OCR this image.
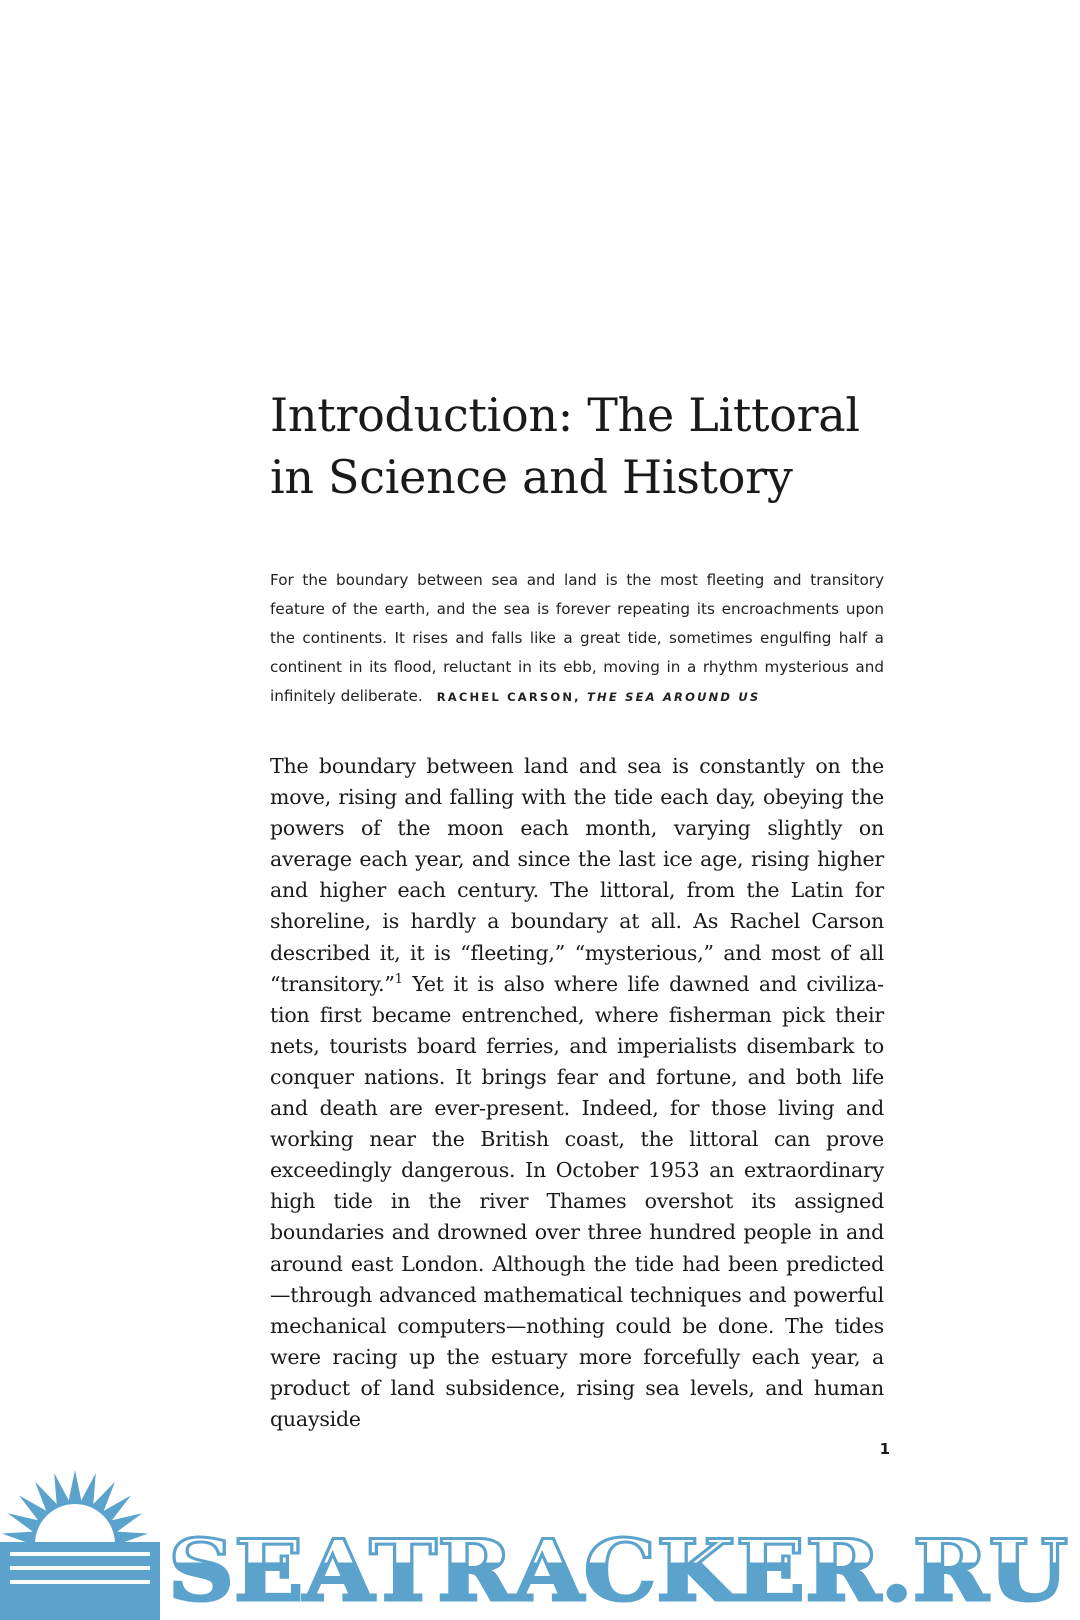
Introduction: The Littoral
in Science and History

For the boundary between sea and land is the most fleeting and transitory feature of the earth, and the sea is forever repeating its encroachments upon the continents. It rises and falls like a great tide, sometimes engulfing half a continent in its flood, reluctant in its ebb, moving in a rhythm mysterious and infinitely deliberate. RACHEL CARSON, THE SEA AROUND US

The boundary between land and sea is constantly on the move, rising and falling with the tide each day, obeying the powers of the moon each month, varying slightly on average each year, and since the last ice age, rising higher and higher each century. The littoral, from the Latin for shoreline, is hardly a boundary at all. As Rachel Carson described it, it is “fleeting,” “mysterious,” and most of all “transitory.”$^1$ Yet it is also where life dawned and civilization first became entrenched, where fisherman pick their nets, tourists board ferries, and imperialists disembark to conquer nations. It brings fear and fortune, and both life and death are ever-present. Indeed, for those living and working near the British coast, the littoral can prove exceedingly dangerous. In October 1953 an extraordinary high tide in the river Thames overshot its assigned boundaries and drowned over three hundred people in and around east London. Although the tide had been predicted—through advanced mathematical techniques and powerful mechanical computers—nothing could be done. The tides were racing up the estuary more forcefully each year, a product of land subsidence, rising sea levels, and human quayside

1
SEATRACKER.RU
